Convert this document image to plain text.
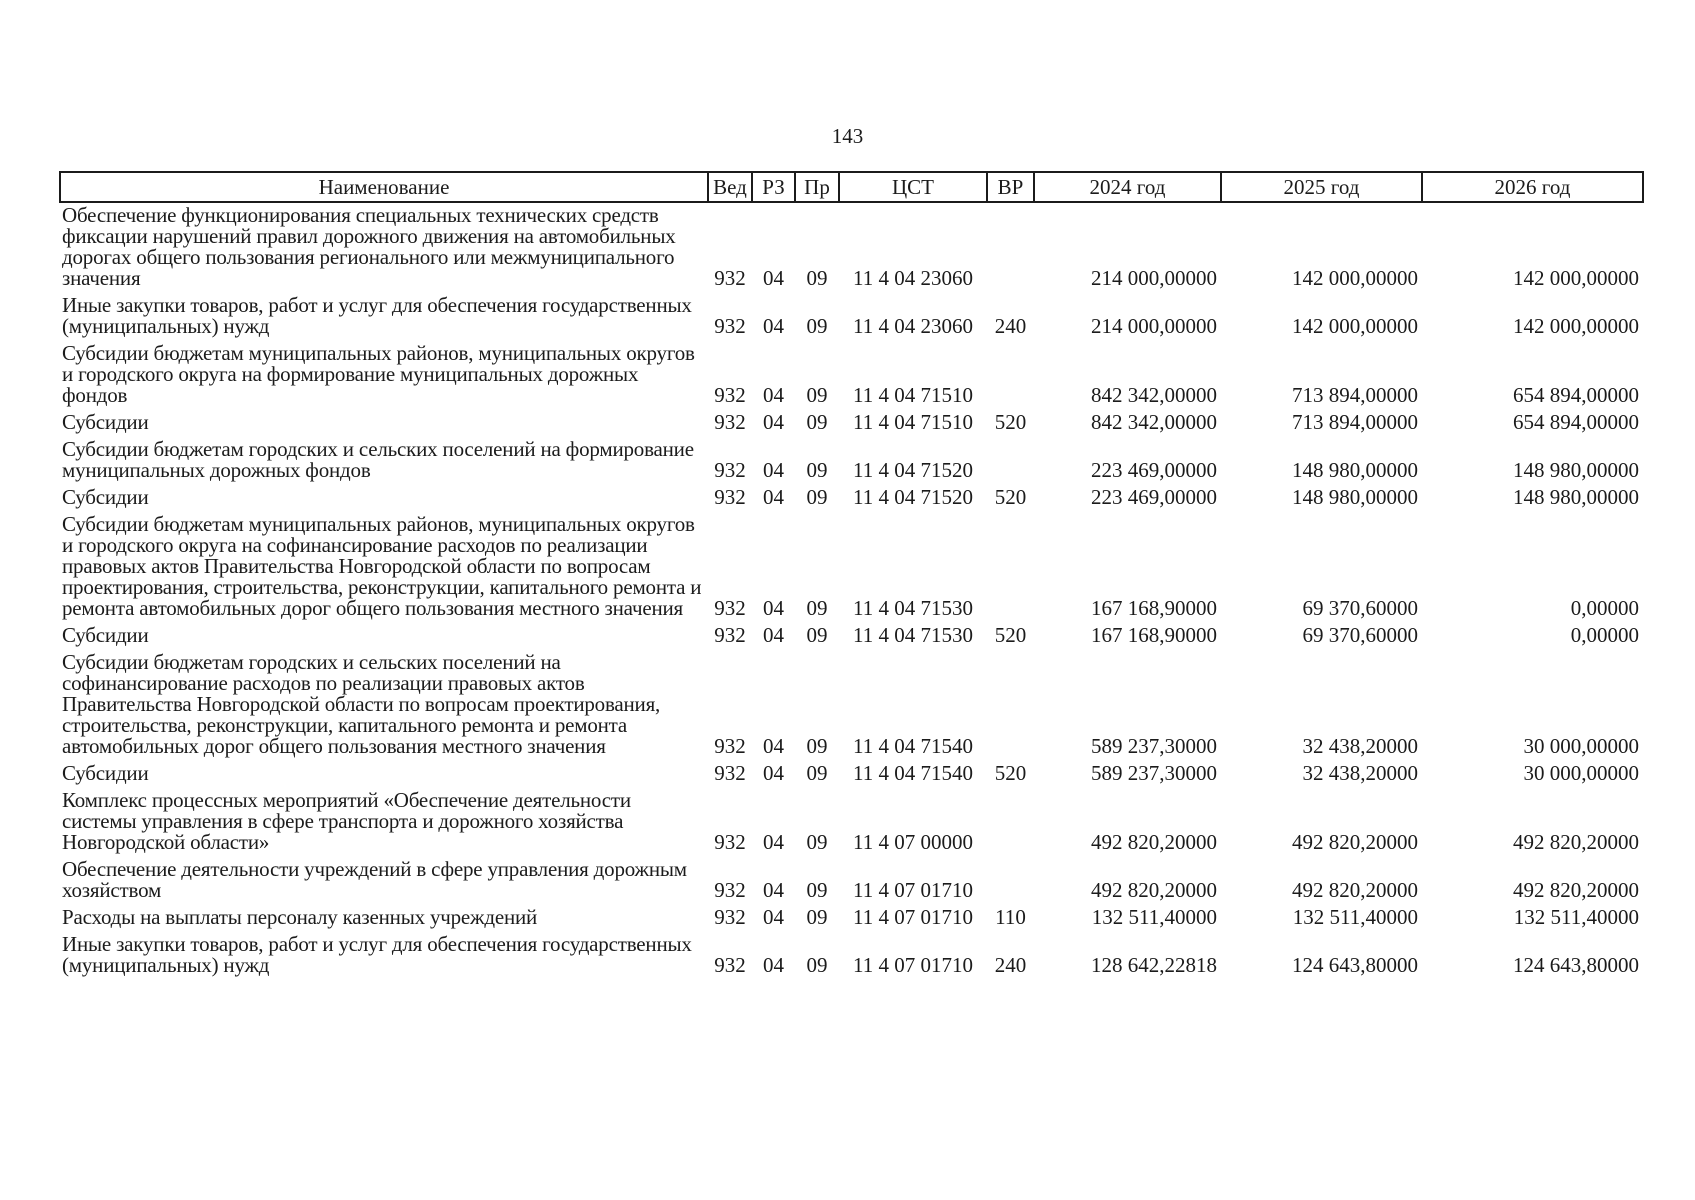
143
Наименование	Вед	РЗ	Пр	ЦСТ	ВР	2024 год	2025 год	2026 год
Обеспечение функционирования специальных технических средств фиксации нарушений правил дорожного движения на автомобильных дорогах общего пользования регионального или межмуниципального значения	932	04	09	11 4 04 23060		214 000,00000	142 000,00000	142 000,00000
Иные закупки товаров, работ и услуг для обеспечения государственных (муниципальных) нужд	932	04	09	11 4 04 23060	240	214 000,00000	142 000,00000	142 000,00000
Субсидии бюджетам муниципальных районов, муниципальных округов и городского округа на формирование муниципальных дорожных фондов	932	04	09	11 4 04 71510		842 342,00000	713 894,00000	654 894,00000
Субсидии	932	04	09	11 4 04 71510	520	842 342,00000	713 894,00000	654 894,00000
Субсидии бюджетам городских и сельских поселений на формирование муниципальных дорожных фондов	932	04	09	11 4 04 71520		223 469,00000	148 980,00000	148 980,00000
Субсидии	932	04	09	11 4 04 71520	520	223 469,00000	148 980,00000	148 980,00000
Субсидии бюджетам муниципальных районов, муниципальных округов и городского округа на софинансирование расходов по реализации правовых актов Правительства Новгородской области по вопросам проектирования, строительства, реконструкции, капитального ремонта и ремонта автомобильных дорог общего пользования местного значения	932	04	09	11 4 04 71530		167 168,90000	69 370,60000	0,00000
Субсидии	932	04	09	11 4 04 71530	520	167 168,90000	69 370,60000	0,00000
Субсидии бюджетам городских и сельских поселений на софинансирование расходов по реализации правовых актов Правительства Новгородской области по вопросам проектирования, строительства, реконструкции, капитального ремонта и ремонта автомобильных дорог общего пользования местного значения	932	04	09	11 4 04 71540		589 237,30000	32 438,20000	30 000,00000
Субсидии	932	04	09	11 4 04 71540	520	589 237,30000	32 438,20000	30 000,00000
Комплекс процессных мероприятий «Обеспечение деятельности системы управления в сфере транспорта и дорожного хозяйства Новгородской области»	932	04	09	11 4 07 00000		492 820,20000	492 820,20000	492 820,20000
Обеспечение деятельности учреждений в сфере управления дорожным хозяйством	932	04	09	11 4 07 01710		492 820,20000	492 820,20000	492 820,20000
Расходы на выплаты персоналу казенных учреждений	932	04	09	11 4 07 01710	110	132 511,40000	132 511,40000	132 511,40000
Иные закупки товаров, работ и услуг для обеспечения государственных (муниципальных) нужд	932	04	09	11 4 07 01710	240	128 642,22818	124 643,80000	124 643,80000
